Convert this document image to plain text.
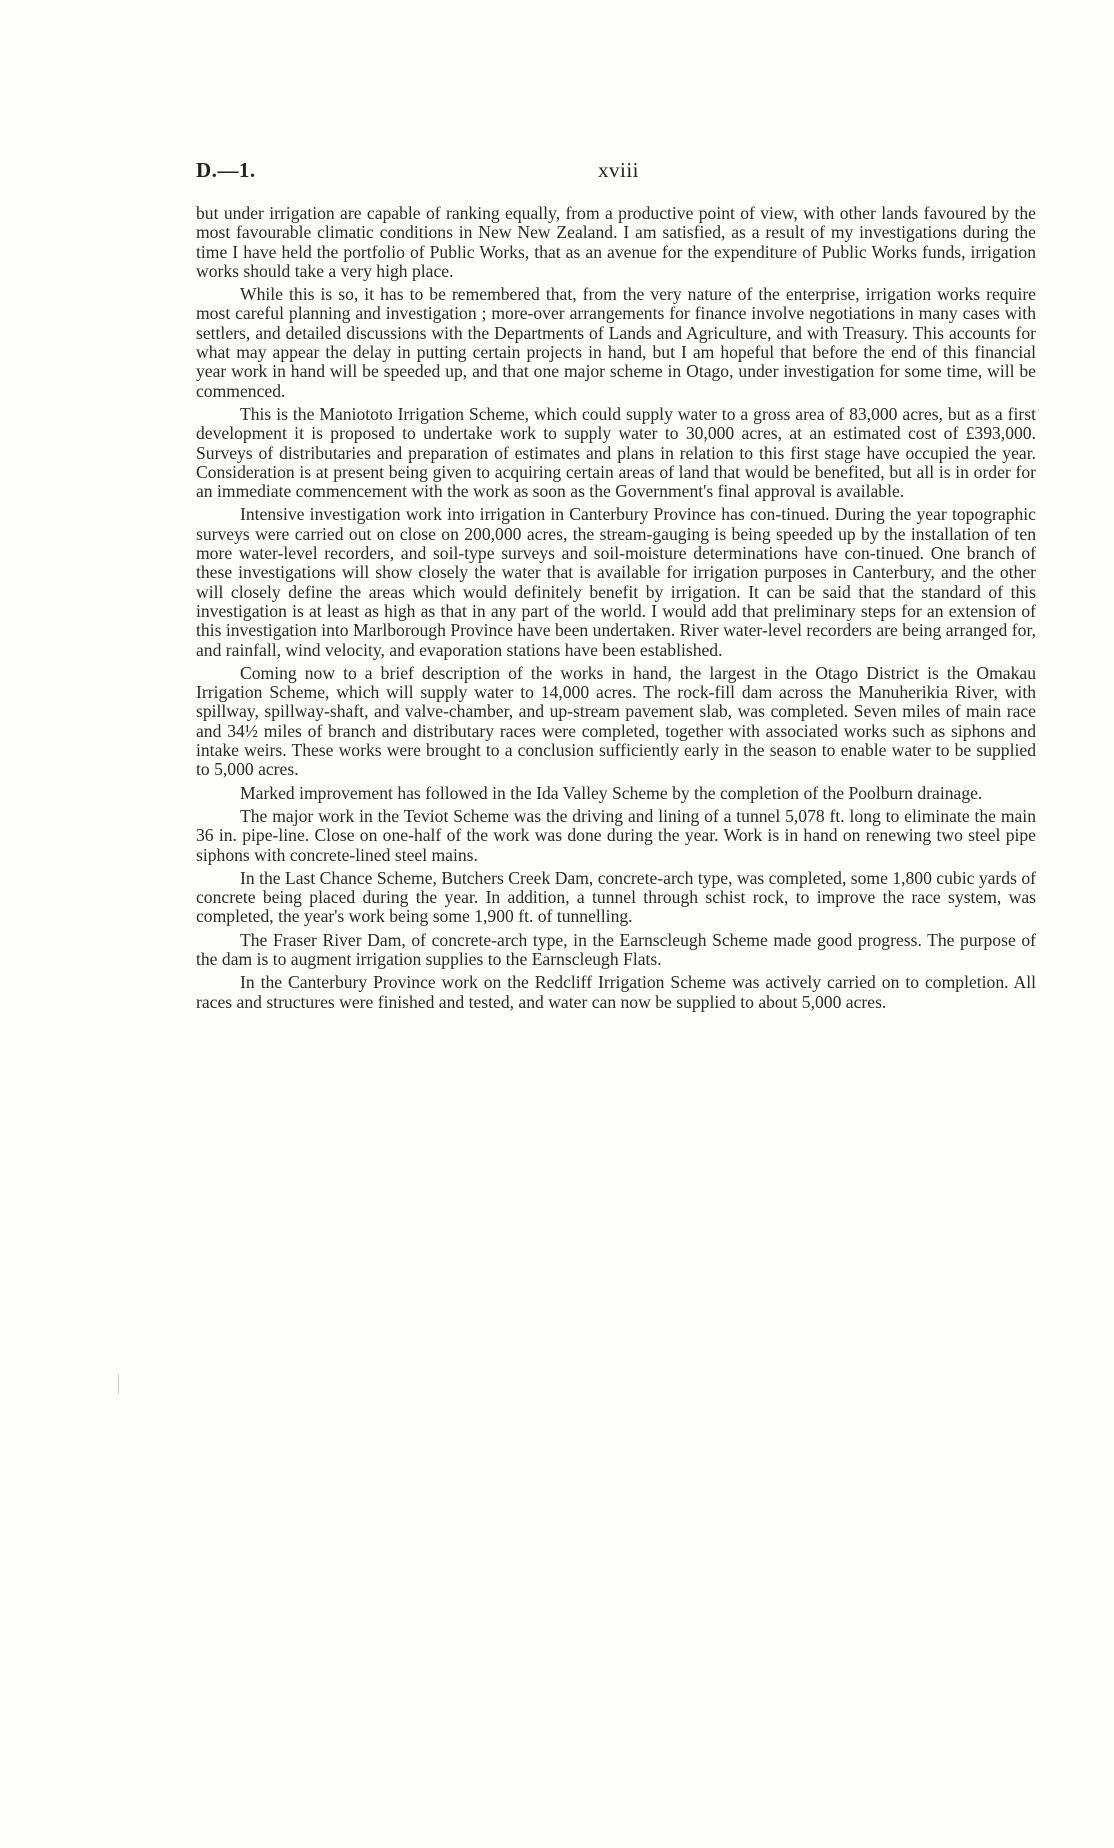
D.—1.	xviii

but under irrigation are capable of ranking equally, from a productive point of view, with other lands favoured by the most favourable climatic conditions in New New Zealand. I am satisfied, as a result of my investigations during the time I have held the portfolio of Public Works, that as an avenue for the expenditure of Public Works funds, irrigation works should take a very high place.

While this is so, it has to be remembered that, from the very nature of the enterprise, irrigation works require most careful planning and investigation ; more-over arrangements for finance involve negotiations in many cases with settlers, and detailed discussions with the Departments of Lands and Agriculture, and with Treasury. This accounts for what may appear the delay in putting certain projects in hand, but I am hopeful that before the end of this financial year work in hand will be speeded up, and that one major scheme in Otago, under investigation for some time, will be commenced.

This is the Maniototo Irrigation Scheme, which could supply water to a gross area of 83,000 acres, but as a first development it is proposed to undertake work to supply water to 30,000 acres, at an estimated cost of £393,000. Surveys of distributaries and preparation of estimates and plans in relation to this first stage have occupied the year. Consideration is at present being given to acquiring certain areas of land that would be benefited, but all is in order for an immediate commencement with the work as soon as the Government's final approval is available.

Intensive investigation work into irrigation in Canterbury Province has con-tinued. During the year topographic surveys were carried out on close on 200,000 acres, the stream-gauging is being speeded up by the installation of ten more water-level recorders, and soil-type surveys and soil-moisture determinations have con-tinued. One branch of these investigations will show closely the water that is available for irrigation purposes in Canterbury, and the other will closely define the areas which would definitely benefit by irrigation. It can be said that the standard of this investigation is at least as high as that in any part of the world. I would add that preliminary steps for an extension of this investigation into Marlborough Province have been undertaken. River water-level recorders are being arranged for, and rainfall, wind velocity, and evaporation stations have been established.

Coming now to a brief description of the works in hand, the largest in the Otago District is the Omakau Irrigation Scheme, which will supply water to 14,000 acres. The rock-fill dam across the Manuherikia River, with spillway, spillway-shaft, and valve-chamber, and up-stream pavement slab, was completed. Seven miles of main race and 34½ miles of branch and distributary races were completed, together with associated works such as siphons and intake weirs. These works were brought to a conclusion sufficiently early in the season to enable water to be supplied to 5,000 acres.

Marked improvement has followed in the Ida Valley Scheme by the completion of the Poolburn drainage.

The major work in the Teviot Scheme was the driving and lining of a tunnel 5,078 ft. long to eliminate the main 36 in. pipe-line. Close on one-half of the work was done during the year. Work is in hand on renewing two steel pipe siphons with concrete-lined steel mains.

In the Last Chance Scheme, Butchers Creek Dam, concrete-arch type, was completed, some 1,800 cubic yards of concrete being placed during the year. In addition, a tunnel through schist rock, to improve the race system, was completed, the year's work being some 1,900 ft. of tunnelling.

The Fraser River Dam, of concrete-arch type, in the Earnscleugh Scheme made good progress. The purpose of the dam is to augment irrigation supplies to the Earnscleugh Flats.

In the Canterbury Province work on the Redcliff Irrigation Scheme was actively carried on to completion. All races and structures were finished and tested, and water can now be supplied to about 5,000 acres.
